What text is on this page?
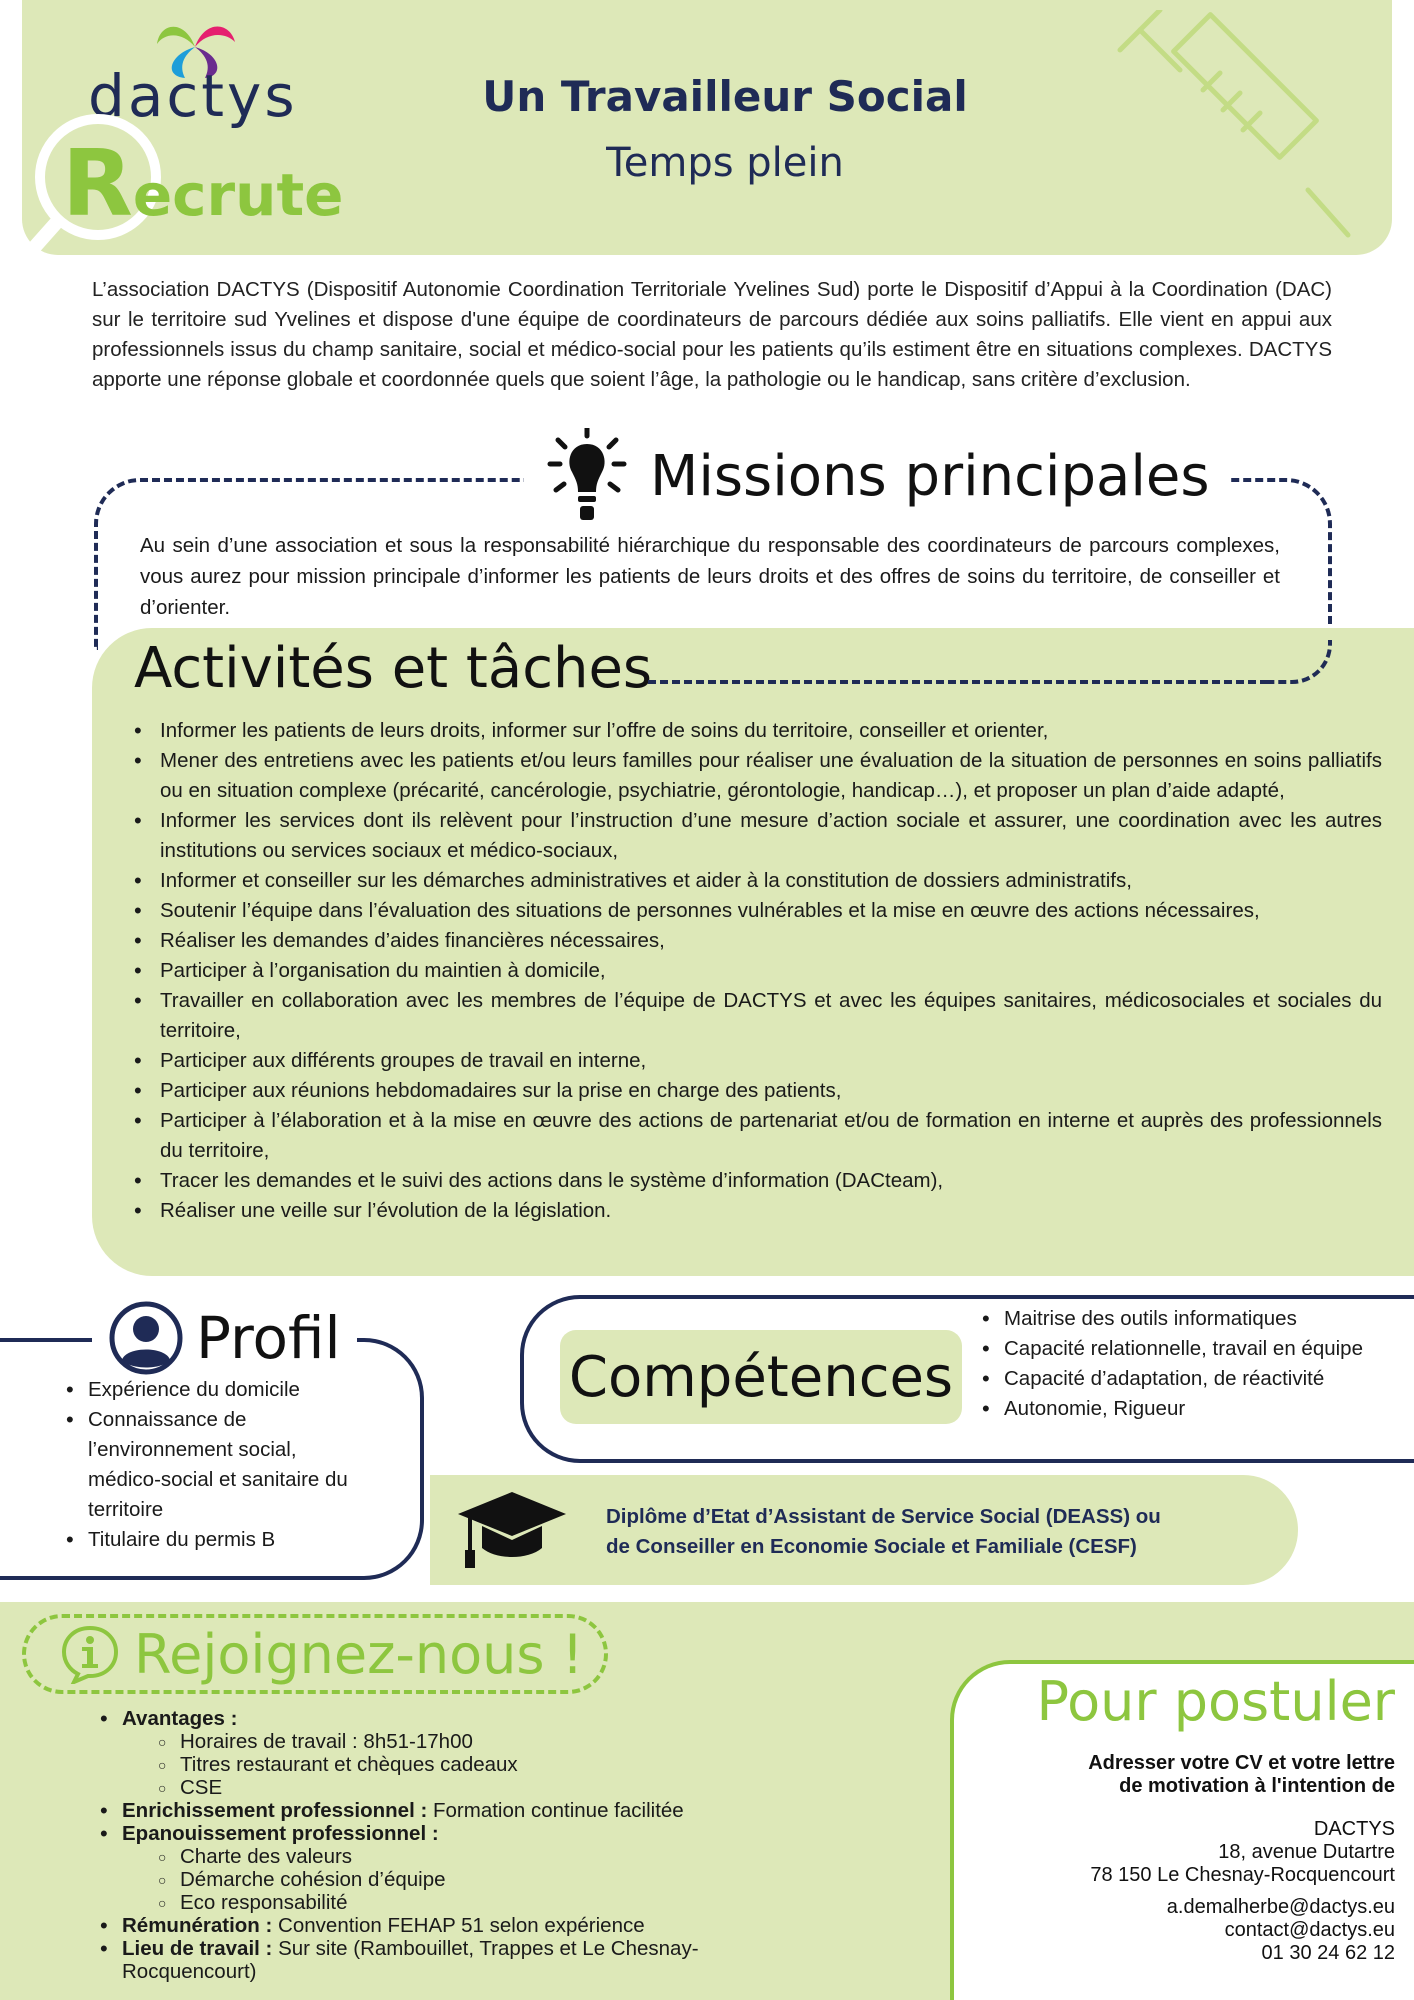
dactys
Recrute
Un Travailleur Social
Temps plein
L’association DACTYS (Dispositif Autonomie Coordination Territoriale Yvelines Sud) porte le Dispositif d’Appui à la Coordination (DAC) sur le territoire sud Yvelines et dispose d'une équipe de coordinateurs de parcours dédiée aux soins palliatifs. Elle vient en appui aux professionnels issus du champ sanitaire, social et médico-social pour les patients qu’ils estiment être en situations complexes. DACTYS apporte une réponse globale et coordonnée quels que soient l’âge, la pathologie ou le handicap, sans critère d’exclusion.
Missions principales
Au sein d’une association et sous la responsabilité hiérarchique du responsable des coordinateurs de parcours complexes, vous aurez pour mission principale d’informer les patients de leurs droits et des offres de soins du territoire, de conseiller et d’orienter.
Activités et tâches
• Informer les patients de leurs droits, informer sur l’offre de soins du territoire, conseiller et orienter,
• Mener des entretiens avec les patients et/ou leurs familles pour réaliser une évaluation de la situation de personnes en soins palliatifs ou en situation complexe (précarité, cancérologie, psychiatrie, gérontologie, handicap…), et proposer un plan d’aide adapté,
• Informer les services dont ils relèvent pour l’instruction d’une mesure d’action sociale et assurer, une coordination avec les autres institutions ou services sociaux et médico-sociaux,
• Informer et conseiller sur les démarches administratives et aider à la constitution de dossiers administratifs,
• Soutenir l’équipe dans l’évaluation des situations de personnes vulnérables et la mise en œuvre des actions nécessaires,
• Réaliser les demandes d’aides financières nécessaires,
• Participer à l’organisation du maintien à domicile,
• Travailler en collaboration avec les membres de l’équipe de DACTYS et avec les équipes sanitaires, médicosociales et sociales du territoire,
• Participer aux différents groupes de travail en interne,
• Participer aux réunions hebdomadaires sur la prise en charge des patients,
• Participer à l’élaboration et à la mise en œuvre des actions de partenariat et/ou de formation en interne et auprès des professionnels du territoire,
• Tracer les demandes et le suivi des actions dans le système d’information (DACteam),
• Réaliser une veille sur l’évolution de la législation.
Profil
• Expérience du domicile
• Connaissance de l’environnement social, médico-social et sanitaire du territoire
• Titulaire du permis B
Compétences
• Maitrise des outils informatiques
• Capacité relationnelle, travail en équipe
• Capacité d’adaptation, de réactivité
• Autonomie, Rigueur
Diplôme d’Etat d’Assistant de Service Social (DEASS) ou
de Conseiller en Economie Sociale et Familiale (CESF)
Rejoignez-nous !
• Avantages :
○ Horaires de travail : 8h51-17h00
○ Titres restaurant et chèques cadeaux
○ CSE
• Enrichissement professionnel : Formation continue facilitée
• Epanouissement professionnel :
○ Charte des valeurs
○ Démarche cohésion d’équipe
○ Eco responsabilité
• Rémunération : Convention FEHAP 51 selon expérience
• Lieu de travail : Sur site (Rambouillet, Trappes et Le Chesnay-Rocquencourt)
Pour postuler
Adresser votre CV et votre lettre
de motivation à l'intention de
DACTYS
18, avenue Dutartre
78 150 Le Chesnay-Rocquencourt
a.demalherbe@dactys.eu
contact@dactys.eu
01 30 24 62 12
